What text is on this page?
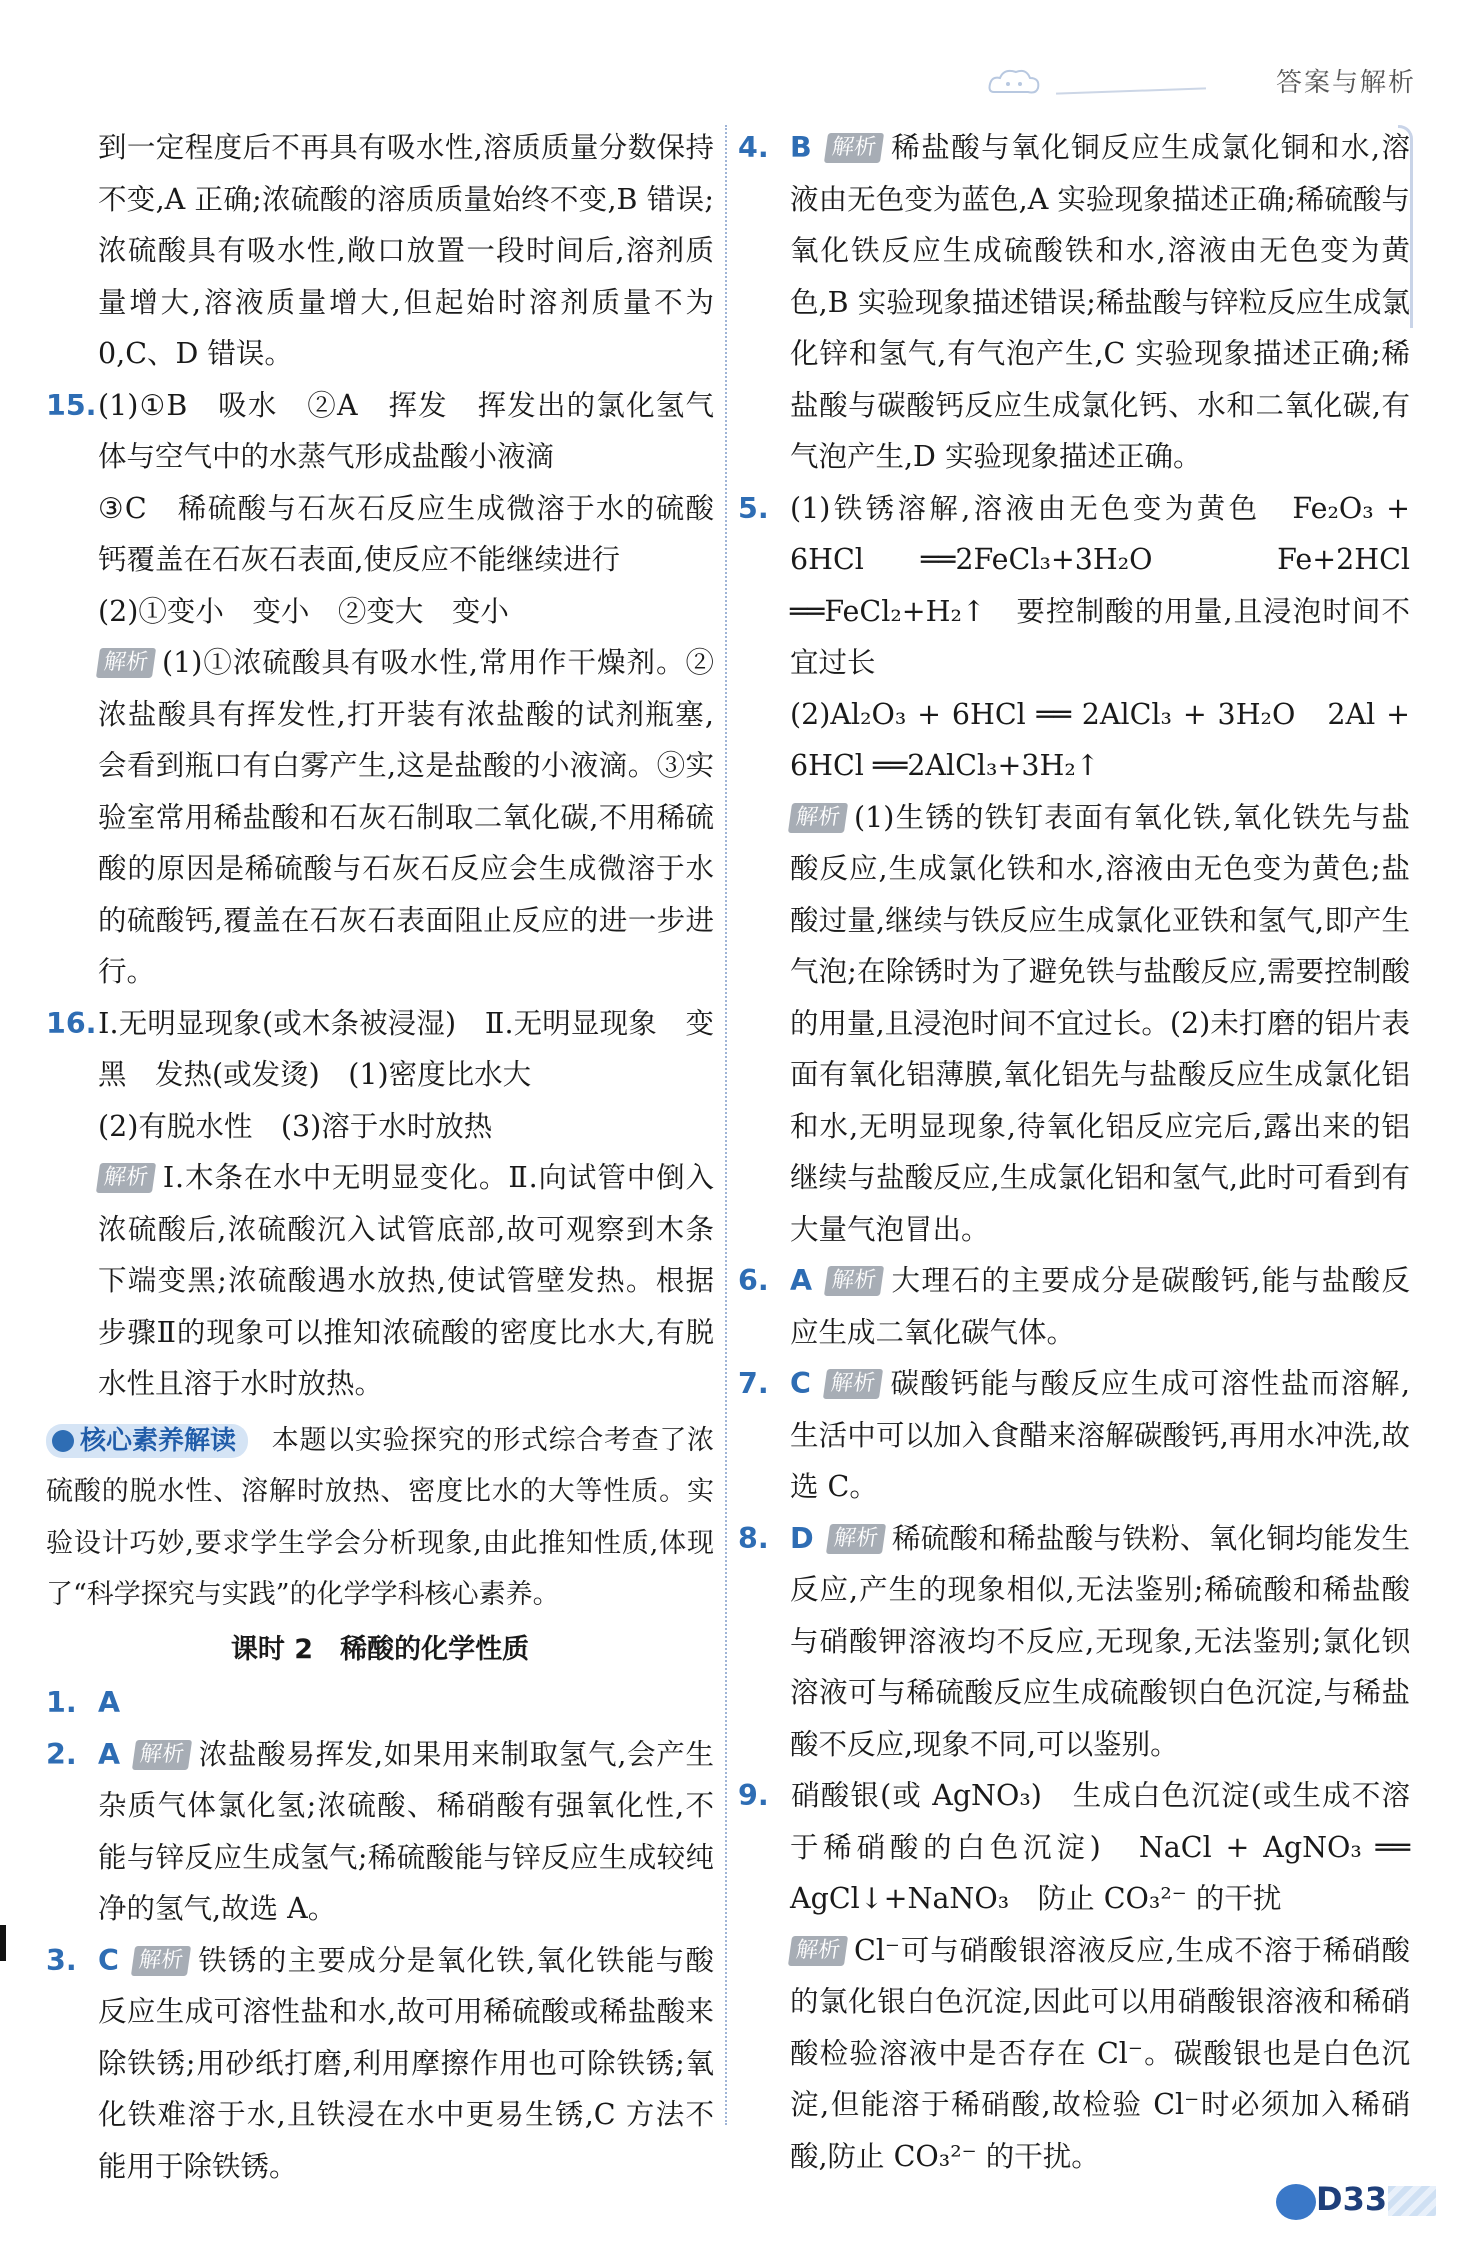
答案与解析

到一定程度后不再具有吸水性,溶质质量分数保持不变,A 正确;浓硫酸的溶质质量始终不变,B 错误;浓硫酸具有吸水性,敞口放置一段时间后,溶剂质量增大,溶液质量增大,但起始时溶剂质量不为 0,C、D 错误。

15.(1)①B　吸水　②A　挥发　挥发出的氯化氢气体与空气中的水蒸气形成盐酸小液滴
③C　稀硫酸与石灰石反应生成微溶于水的硫酸钙覆盖在石灰石表面,使反应不能继续进行
(2)①变小　变小　②变大　变小
解析 (1)①浓硫酸具有吸水性,常用作干燥剂。②浓盐酸具有挥发性,打开装有浓盐酸的试剂瓶塞,会看到瓶口有白雾产生,这是盐酸的小液滴。③实验室常用稀盐酸和石灰石制取二氧化碳,不用稀硫酸的原因是稀硫酸与石灰石反应会生成微溶于水的硫酸钙,覆盖在石灰石表面阻止反应的进一步进行。
16.Ⅰ.无明显现象(或木条被浸湿)　Ⅱ.无明显现象　变黑　发热(或发烫)　(1)密度比水大
(2)有脱水性　(3)溶于水时放热
解析 Ⅰ.木条在水中无明显变化。Ⅱ.向试管中倒入浓硫酸后,浓硫酸沉入试管底部,故可观察到木条下端变黑;浓硫酸遇水放热,使试管壁发热。根据步骤Ⅱ的现象可以推知浓硫酸的密度比水大,有脱水性且溶于水时放热。
核心素养解读 本题以实验探究的形式综合考查了浓硫酸的脱水性、溶解时放热、密度比水的大等性质。实验设计巧妙,要求学生学会分析现象,由此推知性质,体现了“科学探究与实践”的化学学科核心素养。
课时 2　稀酸的化学性质
1. A
2. A 解析 浓盐酸易挥发,如果用来制取氢气,会产生杂质气体氯化氢;浓硫酸、稀硝酸有强氧化性,不能与锌反应生成氢气;稀硫酸能与锌反应生成较纯净的氢气,故选 A。
3. C 解析 铁锈的主要成分是氧化铁,氧化铁能与酸反应生成可溶性盐和水,故可用稀硫酸或稀盐酸来除铁锈;用砂纸打磨,利用摩擦作用也可除铁锈;氧化铁难溶于水,且铁浸在水中更易生锈,C 方法不能用于除铁锈。
4. B 解析 稀盐酸与氧化铜反应生成氯化铜和水,溶液由无色变为蓝色,A 实验现象描述正确;稀硫酸与氧化铁反应生成硫酸铁和水,溶液由无色变为黄色,B 实验现象描述错误;稀盐酸与锌粒反应生成氯化锌和氢气,有气泡产生,C 实验现象描述正确;稀盐酸与碳酸钙反应生成氯化钙、水和二氧化碳,有气泡产生,D 实验现象描述正确。
5. (1)铁锈溶解,溶液由无色变为黄色　Fe₂O₃ + 6HCl ══2FeCl₃+3H₂O　Fe+2HCl ══FeCl₂+H₂↑　要控制酸的用量,且浸泡时间不宜过长
(2)Al₂O₃ + 6HCl ══ 2AlCl₃ + 3H₂O　2Al + 6HCl ══2AlCl₃+3H₂↑
解析 (1)生锈的铁钉表面有氧化铁,氧化铁先与盐酸反应,生成氯化铁和水,溶液由无色变为黄色;盐酸过量,继续与铁反应生成氯化亚铁和氢气,即产生气泡;在除锈时为了避免铁与盐酸反应,需要控制酸的用量,且浸泡时间不宜过长。(2)未打磨的铝片表面有氧化铝薄膜,氧化铝先与盐酸反应生成氯化铝和水,无明显现象,待氧化铝反应完后,露出来的铝继续与盐酸反应,生成氯化铝和氢气,此时可看到有大量气泡冒出。
6. A 解析 大理石的主要成分是碳酸钙,能与盐酸反应生成二氧化碳气体。
7. C 解析 碳酸钙能与酸反应生成可溶性盐而溶解,生活中可以加入食醋来溶解碳酸钙,再用水冲洗,故选 C。
8. D 解析 稀硫酸和稀盐酸与铁粉、氧化铜均能发生反应,产生的现象相似,无法鉴别;稀硫酸和稀盐酸与硝酸钾溶液均不反应,无现象,无法鉴别;氯化钡溶液可与稀硫酸反应生成硫酸钡白色沉淀,与稀盐酸不反应,现象不同,可以鉴别。
9. 硝酸银(或 AgNO₃)　生成白色沉淀(或生成不溶于稀硝酸的白色沉淀)　NaCl + AgNO₃ ══ AgCl↓+NaNO₃　防止 CO₃²⁻ 的干扰
解析 Cl⁻可与硝酸银溶液反应,生成不溶于稀硝酸的氯化银白色沉淀,因此可以用硝酸银溶液和稀硝酸检验溶液中是否存在 Cl⁻。碳酸银也是白色沉淀,但能溶于稀硝酸,故检验 Cl⁻时必须加入稀硝酸,防止 CO₃²⁻ 的干扰。
D33
